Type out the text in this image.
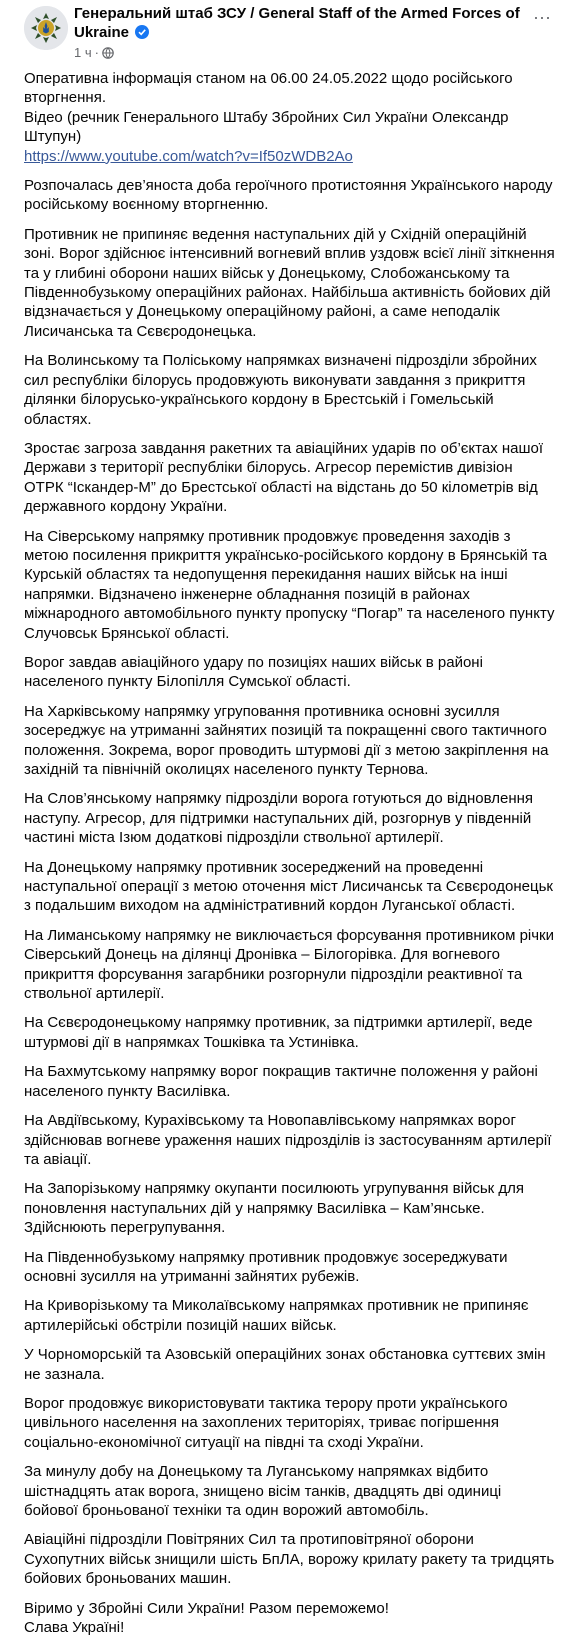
Генеральний штаб ЗСУ / General Staff of the Armed Forces of Ukraine
1 ч ·
···
Оперативна інформація станом на 06.00 24.05.2022 щодо російського вторгнення.
Відео (речник Генерального Штабу Збройних Сил України Олександр Штупун)
https://www.youtube.com/watch?v=If50zWDB2Ao
Розпочалась дев’яноста доба героїчного протистояння Українського народу російському воєнному вторгненню.
Противник не припиняє ведення наступальних дій у Східній операційній зоні. Ворог здійснює інтенсивний вогневий вплив уздовж всієї лінії зіткнення та у глибині оборони наших військ у Донецькому, Слобожанському та Південнобузькому операційних районах. Найбільша активність бойових дій відзначається у Донецькому операційному районі, а саме неподалік Лисичанська та Сєвєродонецька.
На Волинському та Поліському напрямках визначені підрозділи збройних сил республіки білорусь продовжують виконувати завдання з прикриття ділянки білорусько-українського кордону в Брестській і Гомельській областях.
Зростає загроза завдання ракетних та авіаційних ударів по об’єктах нашої Держави з території республіки білорусь. Агресор перемістив дивізіон ОТРК “Іскандер-М” до Брестської області на відстань до 50 кілометрів від державного кордону України.
На Сіверському напрямку противник продовжує проведення заходів з метою посилення прикриття українсько-російського кордону в Брянській та Курській областях та недопущення перекидання наших військ на інші напрямки. Відзначено інженерне обладнання позицій в районах міжнародного автомобільного пункту пропуску “Погар” та населеного пункту Случовськ Брянської області.
Ворог завдав авіаційного удару по позиціях наших військ в районі населеного пункту Білопілля Сумської області.
На Харківському напрямку угруповання противника основні зусилля зосереджує на утриманні зайнятих позицій та покращенні свого тактичного положення. Зокрема, ворог проводить штурмові дії з метою закріплення на західній та північній околицях населеного пункту Тернова.
На Слов’янському напрямку підрозділи ворога готуються до відновлення наступу. Агресор, для підтримки наступальних дій, розгорнув у південній частині міста Ізюм додаткові підрозділи ствольної артилерії.
На Донецькому напрямку противник зосереджений на проведенні наступальної операції з метою оточення міст Лисичанськ та Сєвєродонецьк з подальшим виходом на адміністративний кордон Луганської області.
На Лиманському напрямку не виключається форсування противником річки Сіверський Донець на ділянці Дронівка – Білогорівка. Для вогневого прикриття форсування загарбники розгорнули підрозділи реактивної та ствольної артилерії.
На Сєвєродонецькому напрямку противник, за підтримки артилерії, веде штурмові дії в напрямках Тошківка та Устинівка.
На Бахмутському напрямку ворог покращив тактичне положення у районі населеного пункту Василівка.
На Авдіївському, Курахівському та Новопавлівському напрямках ворог здійснював вогневе ураження наших підрозділів із застосуванням артилерії та авіації.
На Запорізькому напрямку окупанти посилюють угрупування військ для поновлення наступальних дій у напрямку Василівка – Кам’янське. Здійснюють перегрупування.
На Південнобузькому напрямку противник продовжує зосереджувати основні зусилля на утриманні зайнятих рубежів.
На Криворізькому та Миколаївському напрямках противник не припиняє артилерійські обстріли позицій наших військ.
У Чорноморській та Азовській операційних зонах обстановка суттєвих змін не зазнала.
Ворог продовжує використовувати тактика терору проти українського цивільного населення на захоплених територіях, триває погіршення соціально-економічної ситуації на півдні та сході України.
За минулу добу на Донецькому та Луганському напрямках відбито шістнадцять атак ворога, знищено вісім танків, двадцять дві одиниці бойової броньованої техніки та один ворожий автомобіль.
Авіаційні підрозділи Повітряних Сил та протиповітряної оборони Сухопутних військ знищили шість БпЛА, ворожу крилату ракету та тридцять бойових броньованих машин.
Віримо у Збройні Сили України! Разом переможемо!
Слава Україні!
